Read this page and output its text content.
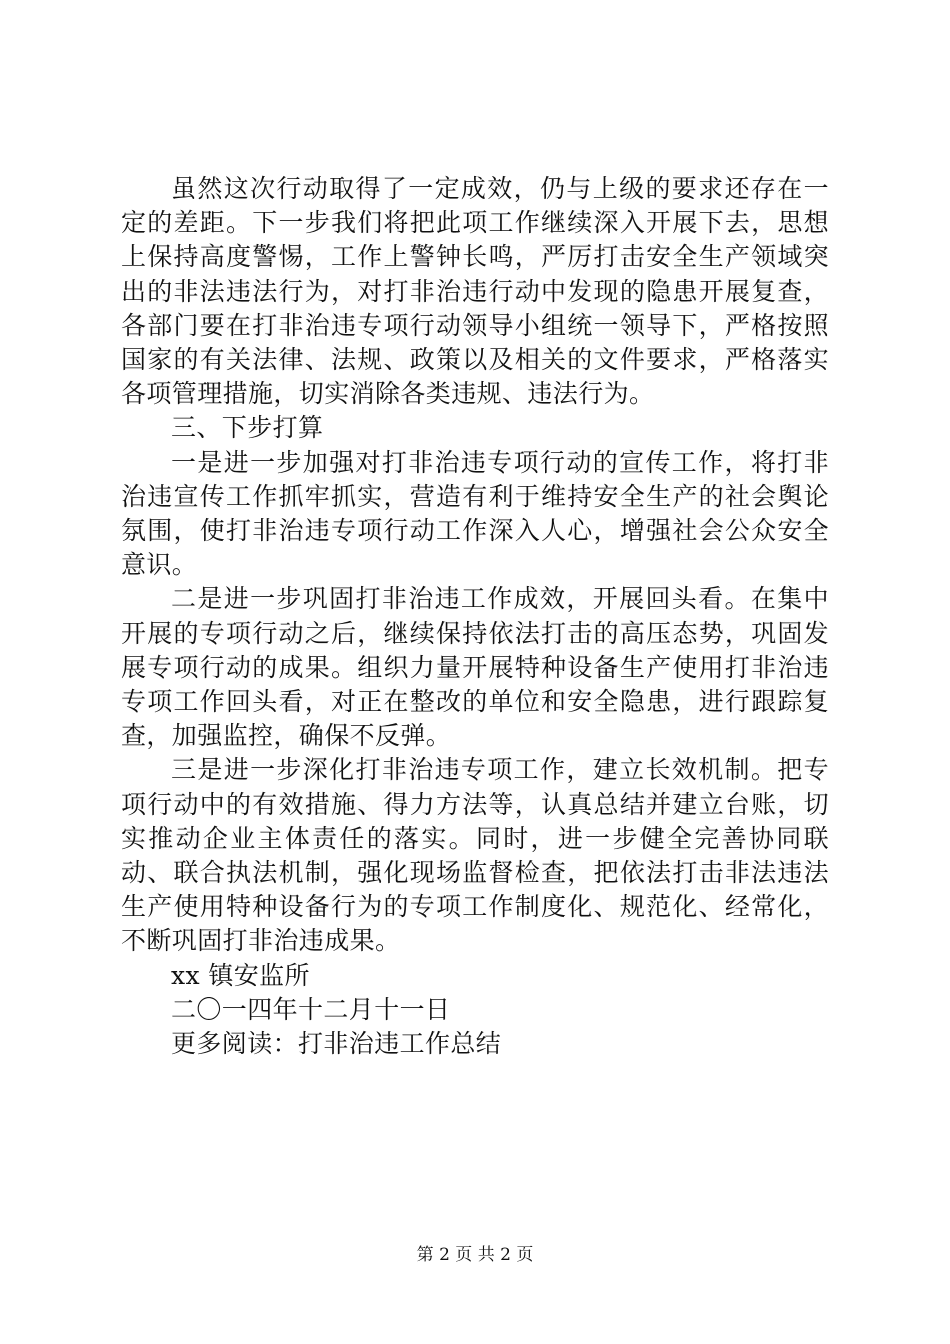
虽然这次行动取得了一定成效，仍与上级的要求还存在一定的差距。下一步我们将把此项工作继续深入开展下去，思想上保持高度警惕，工作上警钟长鸣，严厉打击安全生产领域突出的非法违法行为，对打非治违行动中发现的隐患开展复查，各部门要在打非治违专项行动领导小组统一领导下，严格按照国家的有关法律、法规、政策以及相关的文件要求，严格落实各项管理措施，切实消除各类违规、违法行为。

三、下步打算

一是进一步加强对打非治违专项行动的宣传工作，将打非治违宣传工作抓牢抓实，营造有利于维持安全生产的社会舆论氛围，使打非治违专项行动工作深入人心，增强社会公众安全意识。

二是进一步巩固打非治违工作成效，开展回头看。在集中开展的专项行动之后，继续保持依法打击的高压态势，巩固发展专项行动的成果。组织力量开展特种设备生产使用打非治违专项工作回头看，对正在整改的单位和安全隐患，进行跟踪复查，加强监控，确保不反弹。

三是进一步深化打非治违专项工作，建立长效机制。把专项行动中的有效措施、得力方法等，认真总结并建立台账，切实推动企业主体责任的落实。同时，进一步健全完善协同联动、联合执法机制，强化现场监督检查，把依法打击非法违法生产使用特种设备行为的专项工作制度化、规范化、经常化，不断巩固打非治违成果。

xx 镇安监所

二〇一四年十二月十一日

更多阅读：打非治违工作总结

第 2 页 共 2 页
